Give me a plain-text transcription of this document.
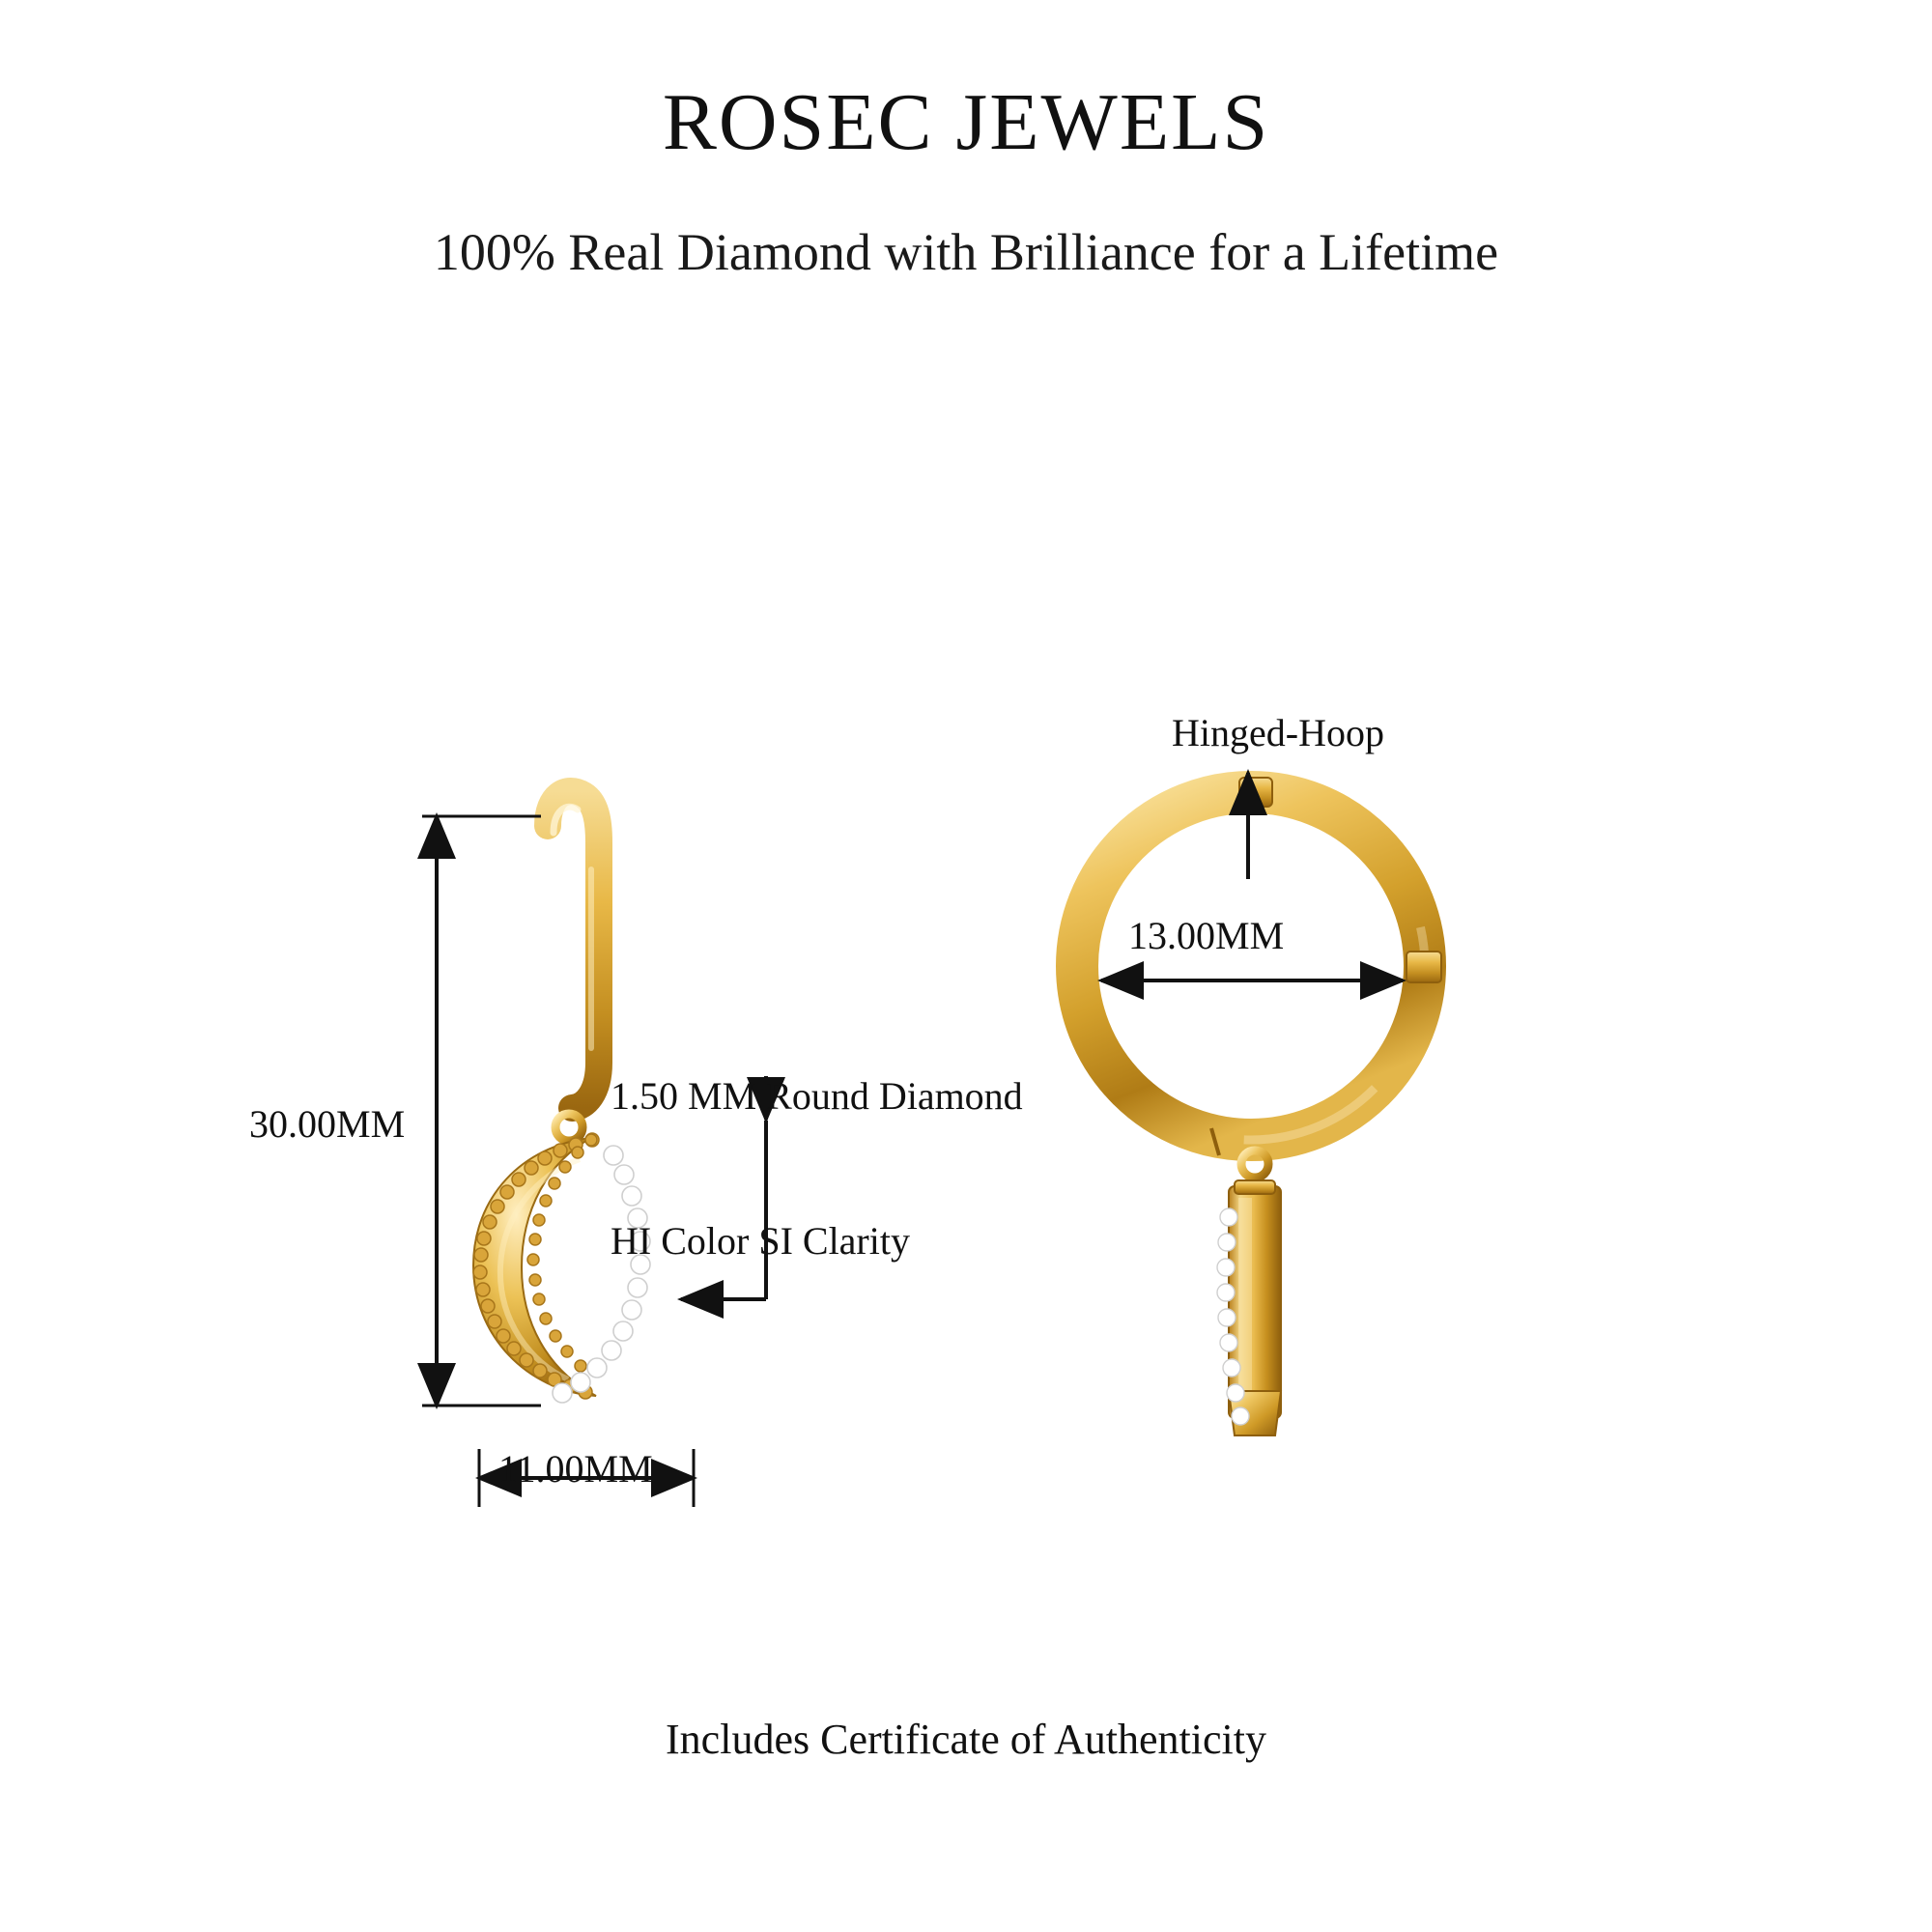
ROSEC JEWELS
100% Real Diamond with Brilliance for a Lifetime
30.00MM
11.00MM

1.50 MM Round Diamond

HI Color SI Clarity

13.00MM
Hinged-Hoop
Includes Certificate of Authenticity
